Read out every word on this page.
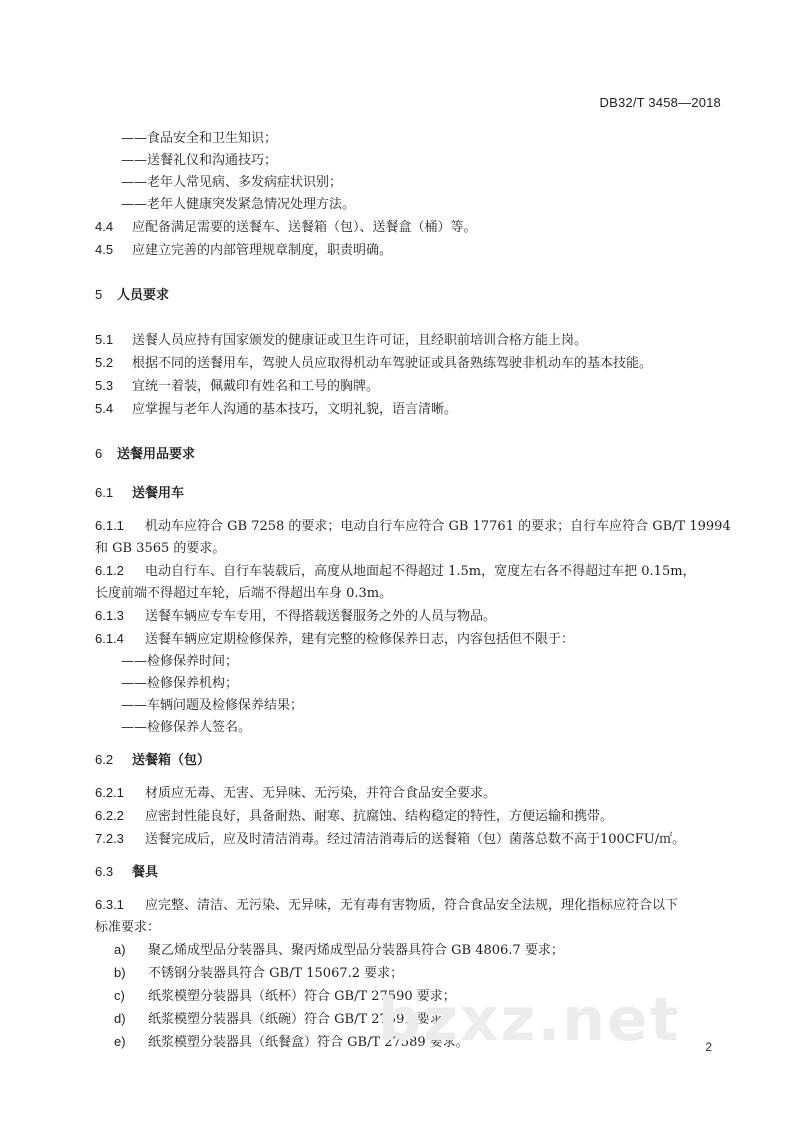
DB32/T 3458—2018
——食品安全和卫生知识；
——送餐礼仪和沟通技巧；
——老年人常见病、多发病症状识别；
——老年人健康突发紧急情况处理方法。
4.4 应配备满足需要的送餐车、送餐箱（包）、送餐盒（桶）等。
4.5 应建立完善的内部管理规章制度，职责明确。
5 人员要求
5.1 送餐人员应持有国家颁发的健康证或卫生许可证，且经职前培训合格方能上岗。
5.2 根据不同的送餐用车，驾驶人员应取得机动车驾驶证或具备熟练驾驶非机动车的基本技能。
5.3 宜统一着装，佩戴印有姓名和工号的胸牌。
5.4 应掌握与老年人沟通的基本技巧，文明礼貌，语言清晰。
6 送餐用品要求
6.1 送餐用车
6.1.1 机动车应符合 GB 7258 的要求；电动自行车应符合 GB 17761 的要求；自行车应符合 GB/T 19994
和 GB 3565 的要求。
6.1.2 电动自行车、自行车装载后，高度从地面起不得超过 1.5m，宽度左右各不得超过车把 0.15m，
长度前端不得超过车轮，后端不得超出车身 0.3m。
6.1.3 送餐车辆应专车专用，不得搭载送餐服务之外的人员与物品。
6.1.4 送餐车辆应定期检修保养，建有完整的检修保养日志，内容包括但不限于：
——检修保养时间；
——检修保养机构；
——车辆问题及检修保养结果；
——检修保养人签名。
6.2 送餐箱（包）
6.2.1 材质应无毒、无害、无异味、无污染，并符合食品安全要求。
6.2.2 应密封性能良好，具备耐热、耐寒、抗腐蚀、结构稳定的特性，方便运输和携带。
7.2.3 送餐完成后，应及时清洁消毒。经过清洁消毒后的送餐箱（包）菌落总数不高于100CFU/㎡。
6.3 餐具
6.3.1 应完整、清洁、无污染、无异味，无有毒有害物质，符合食品安全法规，理化指标应符合以下
标准要求：
a) 聚乙烯成型品分装器具、聚丙烯成型品分装器具符合 GB 4806.7 要求；
b) 不锈钢分装器具符合 GB/T 15067.2 要求；
c) 纸浆模塑分装器具（纸杯）符合 GB/T 27590 要求；
d) 纸浆模塑分装器具（纸碗）符合 GB/T 27591 要求；
e) 纸浆模塑分装器具（纸餐盒）符合 GB/T 27589 要求。
bzxz.net 2
